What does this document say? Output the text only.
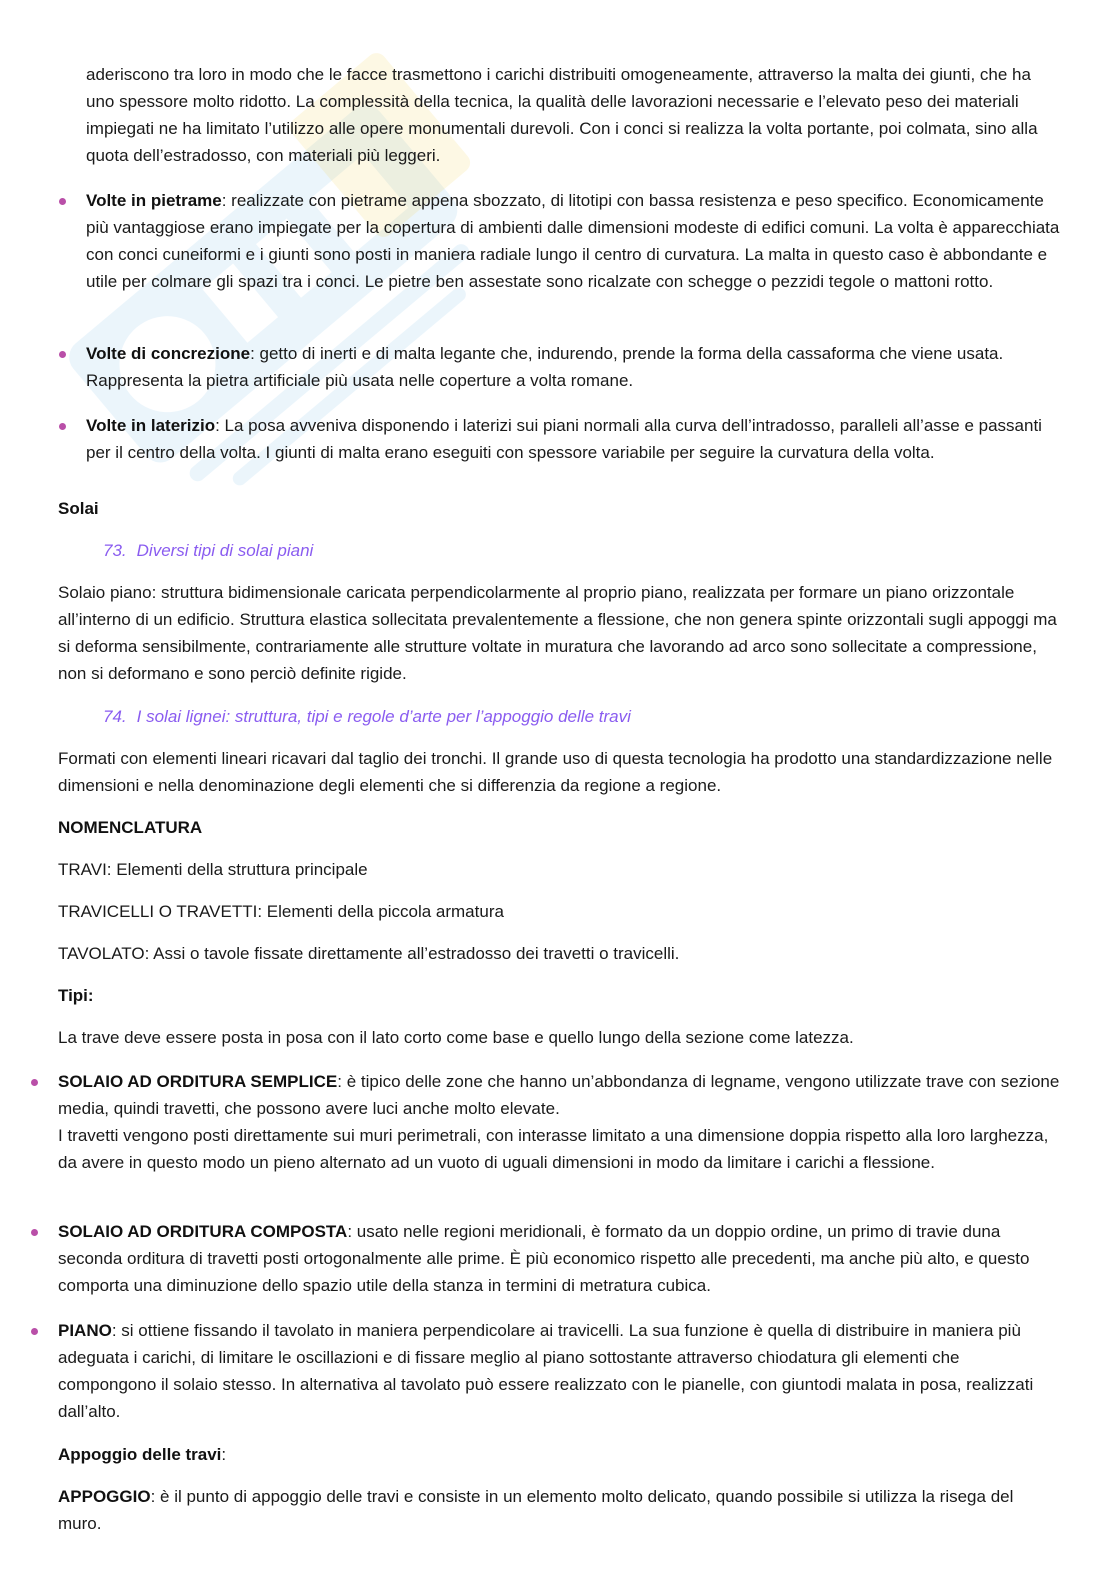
aderiscono tra loro in modo che le facce trasmettono i carichi distribuiti omogeneamente, attraverso la malta dei giunti, che ha uno spessore molto ridotto. La complessità della tecnica, la qualità delle lavorazioni necessarie e l’elevato peso dei materiali impiegati ne ha limitato l’utilizzo alle opere monumentali durevoli. Con i conci si realizza la volta portante, poi colmata, sino alla quota dell’estradosso, con materiali più leggeri.

Volte in pietrame: realizzate con pietrame appena sbozzato, di litotipi con bassa resistenza e peso specifico. Economicamente più vantaggiose erano impiegate per la copertura di ambienti dalle dimensioni modeste di edifici comuni. La volta è apparecchiata con conci cuneiformi e i giunti sono posti in maniera radiale lungo il centro di curvatura. La malta in questo caso è abbondante e utile per colmare gli spazi tra i conci. Le pietre ben assestate sono ricalzate con schegge o pezzidi tegole o mattoni rotto.

Volte di concrezione: getto di inerti e di malta legante che, indurendo, prende la forma della cassaforma che viene usata. Rappresenta la pietra artificiale più usata nelle coperture a volta romane.

Volte in laterizio: La posa avveniva disponendo i laterizi sui piani normali alla curva dell’intradosso, paralleli all’asse e passanti per il centro della volta. I giunti di malta erano eseguiti con spessore variabile per seguire la curvatura della volta.

Solai

73. Diversi tipi di solai piani

Solaio piano: struttura bidimensionale caricata perpendicolarmente al proprio piano, realizzata per formare un piano orizzontale all’interno di un edificio. Struttura elastica sollecitata prevalentemente a flessione, che non genera spinte orizzontali sugli appoggi ma si deforma sensibilmente, contrariamente alle strutture voltate in muratura che lavorando ad arco sono sollecitate a compressione, non si deformano e sono perciò definite rigide.

74. I solai lignei: struttura, tipi e regole d’arte per l’appoggio delle travi

Formati con elementi lineari ricavari dal taglio dei tronchi. Il grande uso di questa tecnologia ha prodotto una standardizzazione nelle dimensioni e nella denominazione degli elementi che si differenzia da regione a regione.

NOMENCLATURA

TRAVI: Elementi della struttura principale

TRAVICELLI O TRAVETTI: Elementi della piccola armatura

TAVOLATO: Assi o tavole fissate direttamente all’estradosso dei travetti o travicelli.

Tipi:

La trave deve essere posta in posa con il lato corto come base e quello lungo della sezione come latezza.

SOLAIO AD ORDITURA SEMPLICE: è tipico delle zone che hanno un’abbondanza di legname, vengono utilizzate trave con sezione media, quindi travetti, che possono avere luci anche molto elevate.
I travetti vengono posti direttamente sui muri perimetrali, con interasse limitato a una dimensione doppia rispetto alla loro larghezza, da avere in questo modo un pieno alternato ad un vuoto di uguali dimensioni in modo da limitare i carichi a flessione.

SOLAIO AD ORDITURA COMPOSTA: usato nelle regioni meridionali, è formato da un doppio ordine, un primo di travie duna seconda orditura di travetti posti ortogonalmente alle prime. È più economico rispetto alle precedenti, ma anche più alto, e questo comporta una diminuzione dello spazio utile della stanza in termini di metratura cubica.

PIANO: si ottiene fissando il tavolato in maniera perpendicolare ai travicelli. La sua funzione è quella di distribuire in maniera più adeguata i carichi, di limitare le oscillazioni e di fissare meglio al piano sottostante attraverso chiodatura gli elementi che compongono il solaio stesso. In alternativa al tavolato può essere realizzato con le pianelle, con giuntodi malata in posa, realizzati dall’alto.

Appoggio delle travi:

APPOGGIO: è il punto di appoggio delle travi e consiste in un elemento molto delicato, quando possibile si utilizza la risega del muro.
